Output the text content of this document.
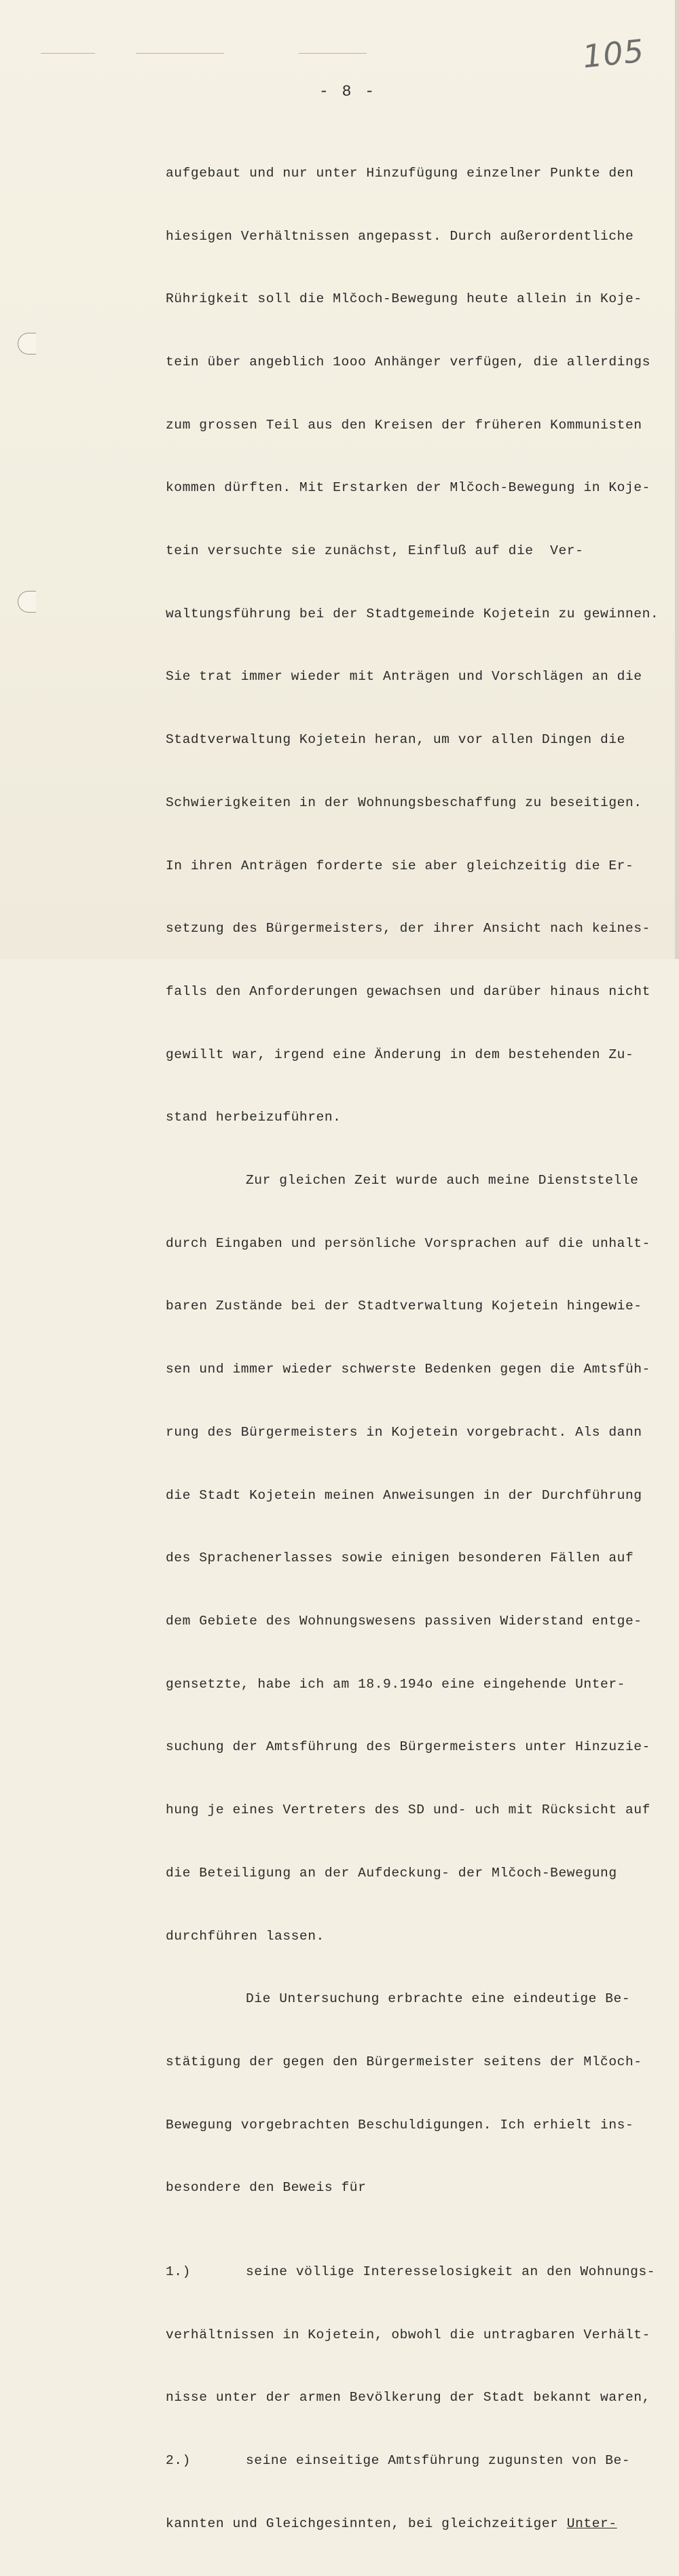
105
- 8 -

aufgebaut und nur unter Hinzufügung einzelner Punkte den

hiesigen Verhältnissen angepasst. Durch außerordentliche

Rührigkeit soll die Mlčoch-Bewegung heute allein in Koje-

tein über angeblich 1ooo Anhänger verfügen, die allerdings

zum grossen Teil aus den Kreisen der früheren Kommunisten

kommen dürften. Mit Erstarken der Mlčoch-Bewegung in Koje-

tein versuchte sie zunächst, Einfluß auf die  Ver-

waltungsführung bei der Stadtgemeinde Kojetein zu gewinnen.

Sie trat immer wieder mit Anträgen und Vorschlägen an die

Stadtverwaltung Kojetein heran, um vor allen Dingen die

Schwierigkeiten in der Wohnungsbeschaffung zu beseitigen.

In ihren Anträgen forderte sie aber gleichzeitig die Er-

setzung des Bürgermeisters, der ihrer Ansicht nach keines-

falls den Anforderungen gewachsen und darüber hinaus nicht

gewillt war, irgend eine Änderung in dem bestehenden Zu-

stand herbeizuführen.

Zur gleichen Zeit wurde auch meine Dienststelle

durch Eingaben und persönliche Vorsprachen auf die unhalt-

baren Zustände bei der Stadtverwaltung Kojetein hingewie-

sen und immer wieder schwerste Bedenken gegen die Amtsfüh-

rung des Bürgermeisters in Kojetein vorgebracht. Als dann

die Stadt Kojetein meinen Anweisungen in der Durchführung

des Sprachenerlasses sowie einigen besonderen Fällen auf

dem Gebiete des Wohnungswesens passiven Widerstand entge-

gensetzte, habe ich am 18.9.194o eine eingehende Unter-

suchung der Amtsführung des Bürgermeisters unter Hinzuzie-

hung je eines Vertreters des SD und- uch mit Rücksicht auf

die Beteiligung an der Aufdeckung- der Mlčoch-Bewegung

durchführen lassen.

Die Untersuchung erbrachte eine eindeutige Be-

stätigung der gegen den Bürgermeister seitens der Mlčoch-

Bewegung vorgebrachten Beschuldigungen. Ich erhielt ins-

besondere den Beweis für

1.)	seine völlige Interesselosigkeit an den Wohnungs-

verhältnissen in Kojetein, obwohl die untragbaren Verhält-

nisse unter der armen Bevölkerung der Stadt bekannt waren,

2.)	seine einseitige Amtsführung zugunsten von Be-

kannten und Gleichgesinnten, bei gleichzeitiger Unter-
